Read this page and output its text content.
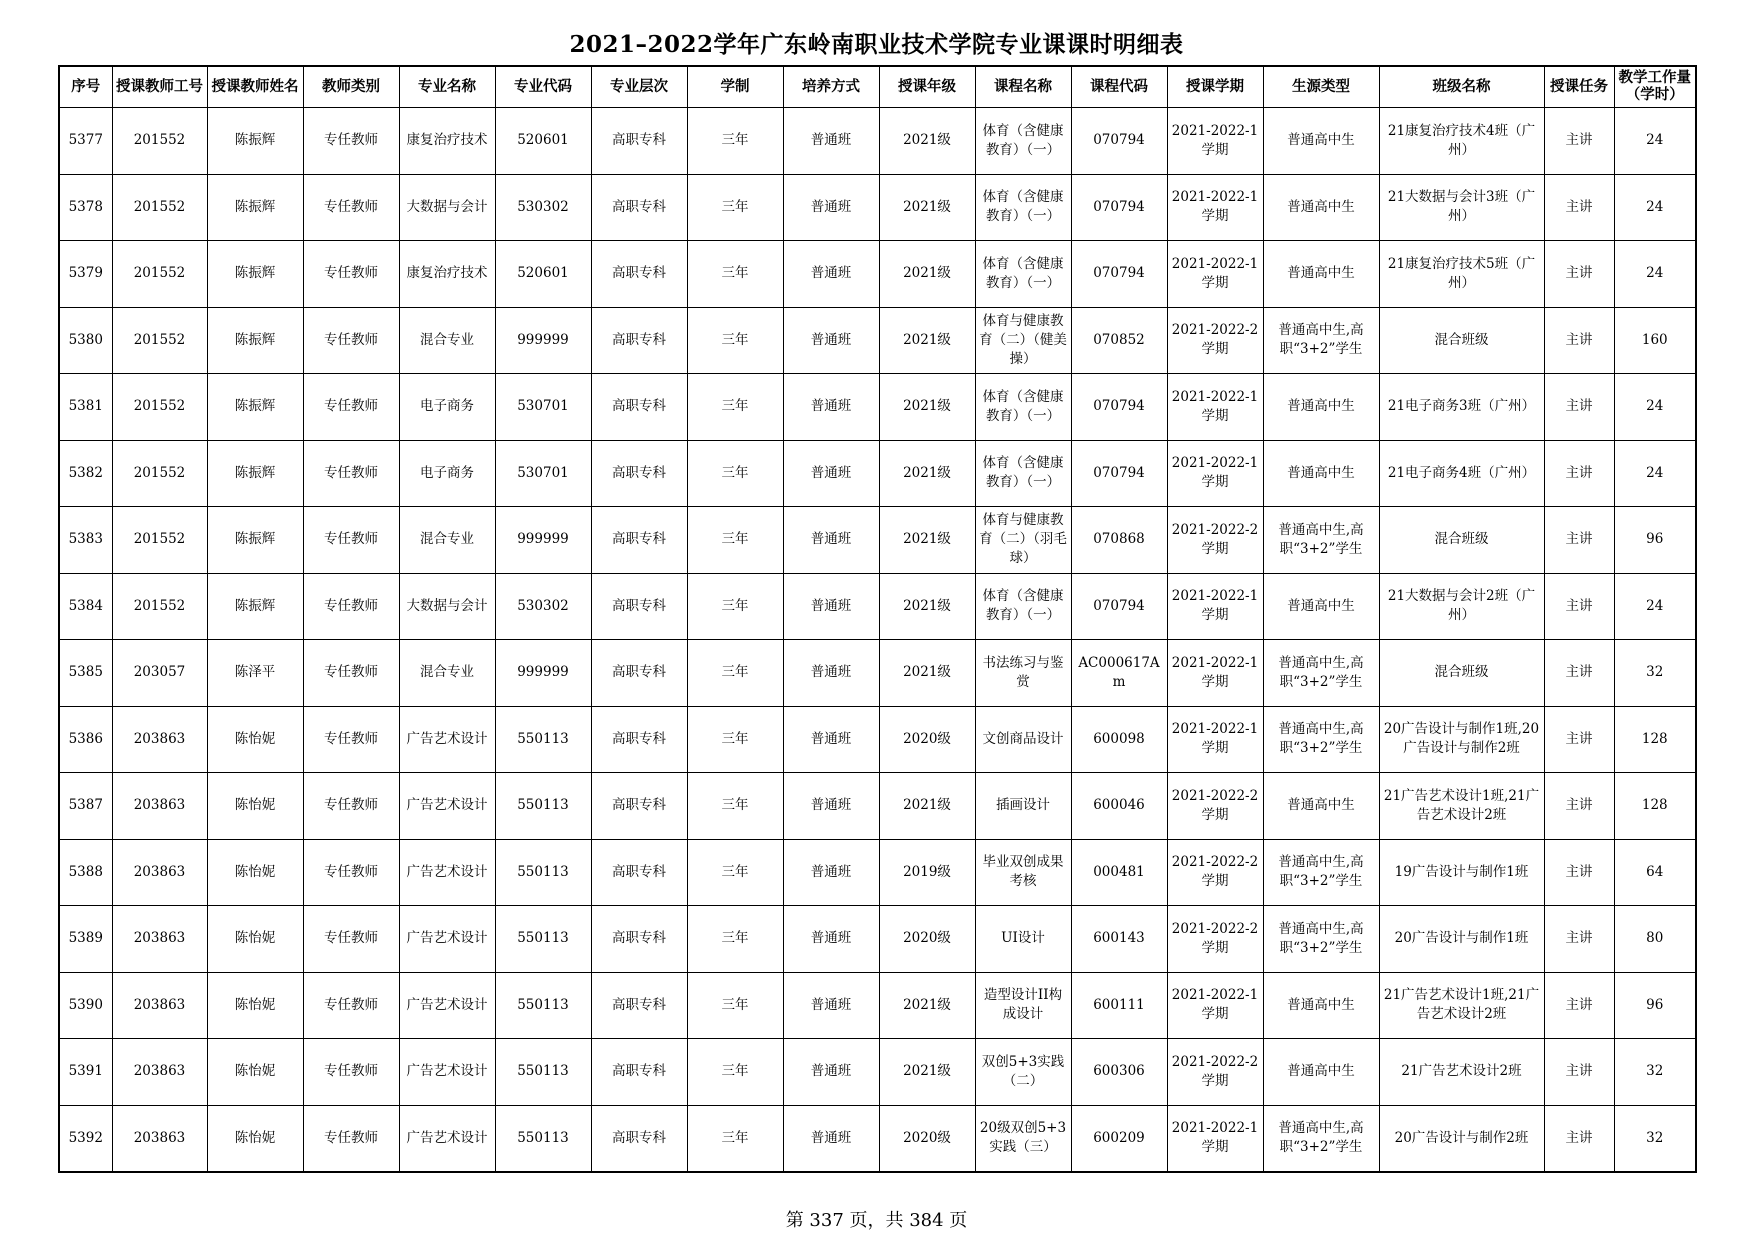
2021–2022学年广东岭南职业技术学院专业课课时明细表
序号	授课教师工号	授课教师姓名	教师类别	专业名称	专业代码	专业层次	学制	培养方式	授课年级	课程名称	课程代码	授课学期	生源类型	班级名称	授课任务	教学工作量（学时）
5377	201552	陈振辉	专任教师	康复治疗技术	520601	高职专科	三年	普通班	2021级	体育（含健康教育）（一）	070794	2021-2022-1学期	普通高中生	21康复治疗技术4班（广州）	主讲	24
5378	201552	陈振辉	专任教师	大数据与会计	530302	高职专科	三年	普通班	2021级	体育（含健康教育）（一）	070794	2021-2022-1学期	普通高中生	21大数据与会计3班（广州）	主讲	24
5379	201552	陈振辉	专任教师	康复治疗技术	520601	高职专科	三年	普通班	2021级	体育（含健康教育）（一）	070794	2021-2022-1学期	普通高中生	21康复治疗技术5班（广州）	主讲	24
5380	201552	陈振辉	专任教师	混合专业	999999	高职专科	三年	普通班	2021级	体育与健康教育（二）（健美操）	070852	2021-2022-2学期	普通高中生,高职“3+2”学生	混合班级	主讲	160
5381	201552	陈振辉	专任教师	电子商务	530701	高职专科	三年	普通班	2021级	体育（含健康教育）（一）	070794	2021-2022-1学期	普通高中生	21电子商务3班（广州）	主讲	24
5382	201552	陈振辉	专任教师	电子商务	530701	高职专科	三年	普通班	2021级	体育（含健康教育）（一）	070794	2021-2022-1学期	普通高中生	21电子商务4班（广州）	主讲	24
5383	201552	陈振辉	专任教师	混合专业	999999	高职专科	三年	普通班	2021级	体育与健康教育（二）（羽毛球）	070868	2021-2022-2学期	普通高中生,高职“3+2”学生	混合班级	主讲	96
5384	201552	陈振辉	专任教师	大数据与会计	530302	高职专科	三年	普通班	2021级	体育（含健康教育）（一）	070794	2021-2022-1学期	普通高中生	21大数据与会计2班（广州）	主讲	24
5385	203057	陈泽平	专任教师	混合专业	999999	高职专科	三年	普通班	2021级	书法练习与鉴赏	AC000617Am	2021-2022-1学期	普通高中生,高职“3+2”学生	混合班级	主讲	32
5386	203863	陈怡妮	专任教师	广告艺术设计	550113	高职专科	三年	普通班	2020级	文创商品设计	600098	2021-2022-1学期	普通高中生,高职“3+2”学生	20广告设计与制作1班,20广告设计与制作2班	主讲	128
5387	203863	陈怡妮	专任教师	广告艺术设计	550113	高职专科	三年	普通班	2021级	插画设计	600046	2021-2022-2学期	普通高中生	21广告艺术设计1班,21广告艺术设计2班	主讲	128
5388	203863	陈怡妮	专任教师	广告艺术设计	550113	高职专科	三年	普通班	2019级	毕业双创成果考核	000481	2021-2022-2学期	普通高中生,高职“3+2”学生	19广告设计与制作1班	主讲	64
5389	203863	陈怡妮	专任教师	广告艺术设计	550113	高职专科	三年	普通班	2020级	UI设计	600143	2021-2022-2学期	普通高中生,高职“3+2”学生	20广告设计与制作1班	主讲	80
5390	203863	陈怡妮	专任教师	广告艺术设计	550113	高职专科	三年	普通班	2021级	造型设计II构成设计	600111	2021-2022-1学期	普通高中生	21广告艺术设计1班,21广告艺术设计2班	主讲	96
5391	203863	陈怡妮	专任教师	广告艺术设计	550113	高职专科	三年	普通班	2021级	双创5+3实践（二）	600306	2021-2022-2学期	普通高中生	21广告艺术设计2班	主讲	32
5392	203863	陈怡妮	专任教师	广告艺术设计	550113	高职专科	三年	普通班	2020级	20级双创5+3实践（三）	600209	2021-2022-1学期	普通高中生,高职“3+2”学生	20广告设计与制作2班	主讲	32
第 337 页，共 384 页
